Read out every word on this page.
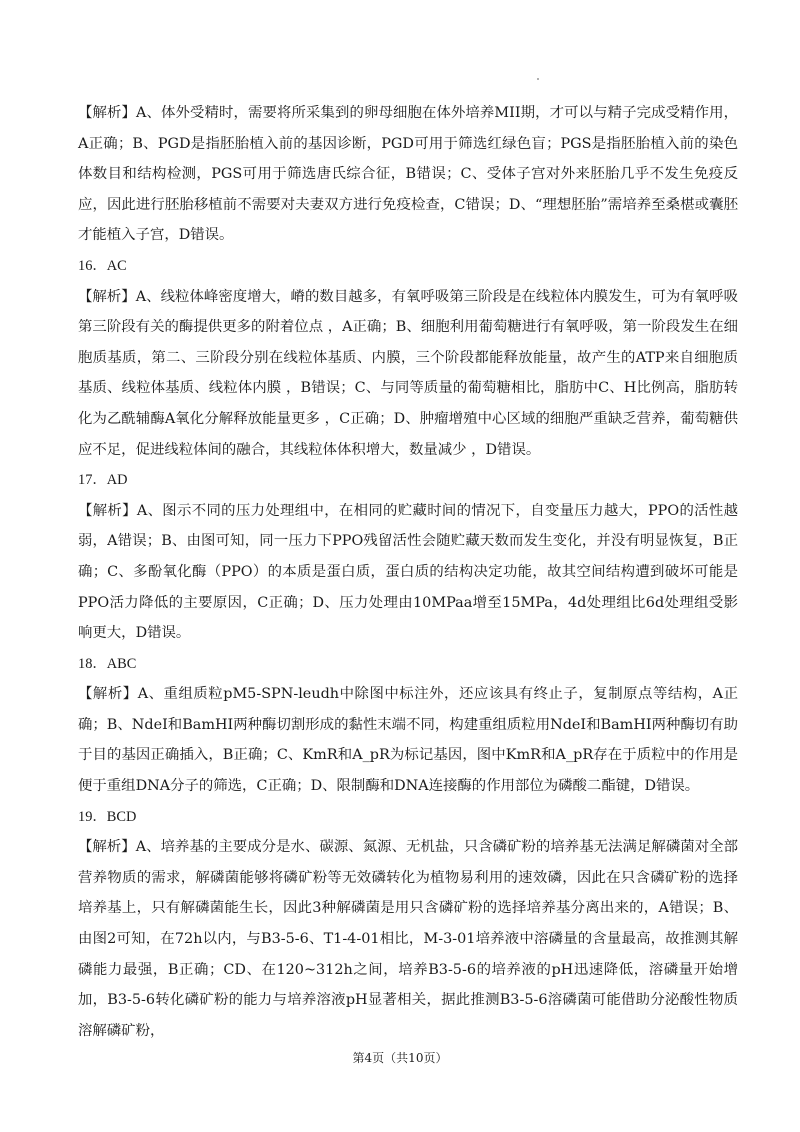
【解析】A、体外受精时，需要将所采集到的卵母细胞在体外培养MII期，才可以与精子完成受精作用，A正确；B、PGD是指胚胎植入前的基因诊断，PGD可用于筛选红绿色盲；PGS是指胚胎植入前的染色体数目和结构检测，PGS可用于筛选唐氏综合征，B错误；C、受体子宫对外来胚胎几乎不发生免疫反应，因此进行胚胎移植前不需要对夫妻双方进行免疫检查，C错误；D、“理想胚胎”需培养至桑椹或囊胚才能植入子宫，D错误。

16．AC

【解析】A、线粒体峰密度增大，嵴的数目越多，有氧呼吸第三阶段是在线粒体内膜发生，可为有氧呼吸第三阶段有关的酶提供更多的附着位点 ，A正确；B、细胞利用葡萄糖进行有氧呼吸，第一阶段发生在细胞质基质，第二、三阶段分别在线粒体基质、内膜，三个阶段都能释放能量，故产生的ATP来自细胞质基质、线粒体基质、线粒体内膜 ，B错误；C、与同等质量的葡萄糖相比，脂肪中C、H比例高，脂肪转化为乙酰辅酶A氧化分解释放能量更多 ，C正确；D、肿瘤增殖中心区域的细胞严重缺乏营养，葡萄糖供应不足，促进线粒体间的融合，其线粒体体积增大，数量减少 ，D错误。

17．AD

【解析】A、图示不同的压力处理组中，在相同的贮藏时间的情况下，自变量压力越大，PPO的活性越弱，A错误；B、由图可知，同一压力下PPO残留活性会随贮藏天数而发生变化，并没有明显恢复，B正确；C、多酚氧化酶（PPO）的本质是蛋白质，蛋白质的结构决定功能，故其空间结构遭到破坏可能是PPO活力降低的主要原因，C正确；D、压力处理由10MPaa增至15MPa，4d处理组比6d处理组受影响更大，D错误。

18．ABC

【解析】A、重组质粒pM5-SPN-leudh中除图中标注外，还应该具有终止子，复制原点等结构，A正确；B、NdeI和BamHI两种酶切割形成的黏性末端不同，构建重组质粒用NdeI和BamHI两种酶切有助于目的基因正确插入，B正确；C、KmR和A_pR为标记基因，图中KmR和A_pR存在于质粒中的作用是便于重组DNA分子的筛选，C正确；D、限制酶和DNA连接酶的作用部位为磷酸二酯键，D错误。

19．BCD

【解析】A、培养基的主要成分是水、碳源、氮源、无机盐，只含磷矿粉的培养基无法满足解磷菌对全部营养物质的需求，解磷菌能够将磷矿粉等无效磷转化为植物易利用的速效磷，因此在只含磷矿粉的选择培养基上，只有解磷菌能生长，因此3种解磷菌是用只含磷矿粉的选择培养基分离出来的，A错误；B、由图2可知，在72h以内，与B3-5-6、T1-4-01相比，M-3-01培养液中溶磷量的含量最高，故推测其解磷能力最强，B正确；CD、在120~312h之间，培养B3-5-6的培养液的pH迅速降低，溶磷量开始增加，B3-5-6转化磷矿粉的能力与培养溶液pH显著相关，据此推测B3-5-6溶磷菌可能借助分泌酸性物质溶解磷矿粉，

第4页（共10页）
